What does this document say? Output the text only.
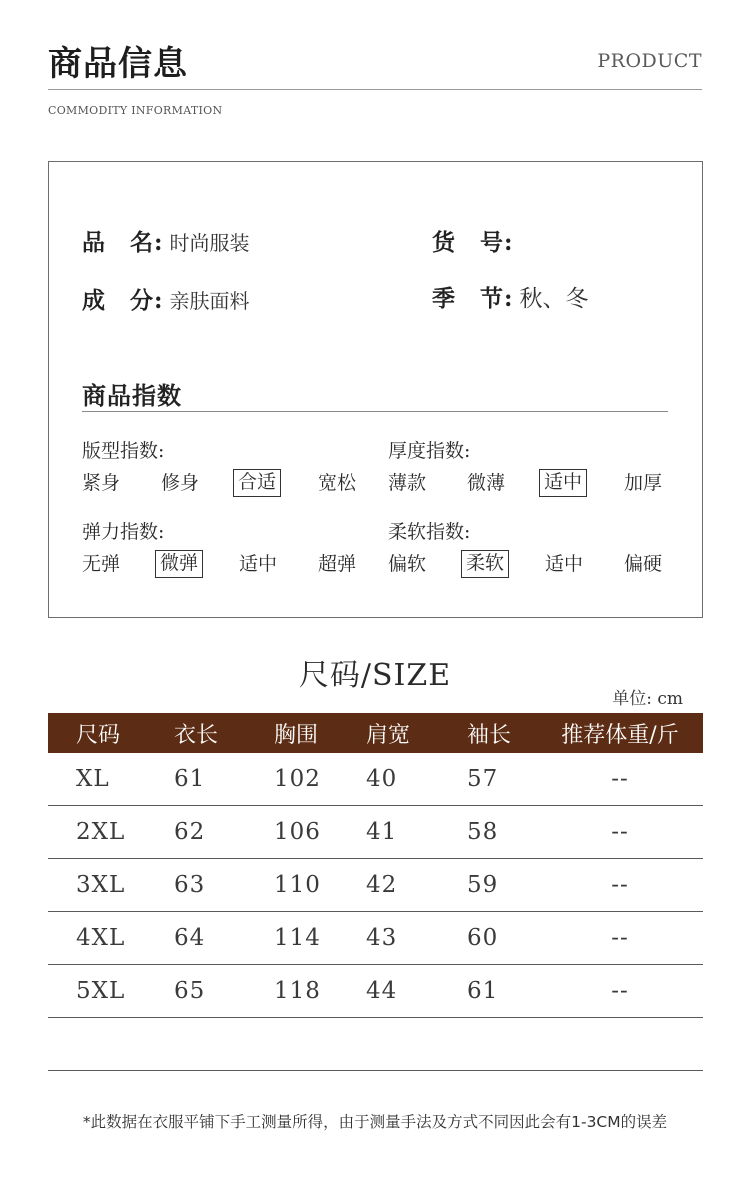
商品信息	PRODUCT
COMMODITY INFORMATION
品　名: 时尚服装	货　号:
成　分: 亲肤面料	季　节: 秋、冬
商品指数
版型指数:
紧身 修身 合适 宽松
厚度指数:
薄款 微薄 适中 加厚
弹力指数:
无弹 微弹 适中 超弹
柔软指数:
偏软 柔软 适中 偏硬
尺码/SIZE
单位: cm
尺码	衣长	胸围	肩宽	袖长	推荐体重/斤
XL	61	102	40	57	--
2XL	62	106	41	58	--
3XL	63	110	42	59	--
4XL	64	114	43	60	--
5XL	65	118	44	61	--
*此数据在衣服平铺下手工测量所得，由于测量手法及方式不同因此会有1-3CM的误差
